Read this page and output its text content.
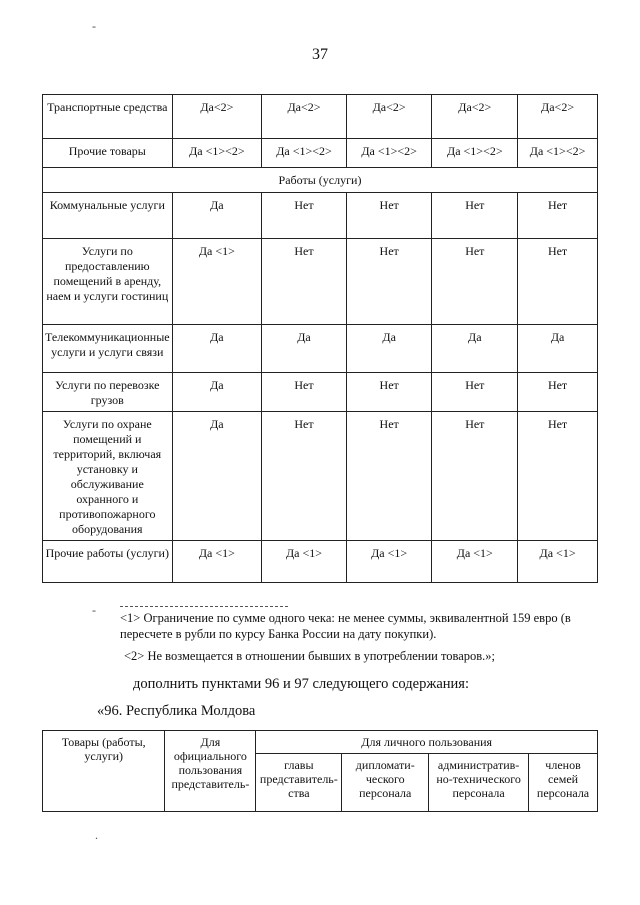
37
Транспортные средства	Да<2>	Да<2>	Да<2>	Да<2>	Да<2>
Прочие товары	Да <1><2>	Да <1><2>	Да <1><2>	Да <1><2>	Да <1><2>
Работы (услуги)					
Коммунальные услуги	Да	Нет	Нет	Нет	Нет
Услуги по предоставлению помещений в аренду, наем и услуги гостиниц	Да <1>	Нет	Нет	Нет	Нет
Телекоммуникационные услуги и услуги связи	Да	Да	Да	Да	Да
Услуги по перевозке грузов	Да	Нет	Нет	Нет	Нет
Услуги по охране помещений и территорий, включая установку и обслуживание охранного и противопожарного оборудования	Да	Нет	Нет	Нет	Нет
Прочие работы (услуги)	Да <1>	Да <1>	Да <1>	Да <1>	Да <1>

<1> Ограничение по сумме одного чека: не менее суммы, эквивалентной 159 евро (в пересчете в рубли по курсу Банка России на дату покупки).

<2> Не возмещается в отношении бывших в употреблении товаров.»;

дополнить пунктами 96 и 97 следующего содержания:
«96. Республика Молдова
Товары (работы, услуги)	Для официального пользования представитель-	Для личного пользования			
		главы представитель-ства	дипломати-ческого персонала	административ-но-технического персонала	членов семей персонала
-
-
.
